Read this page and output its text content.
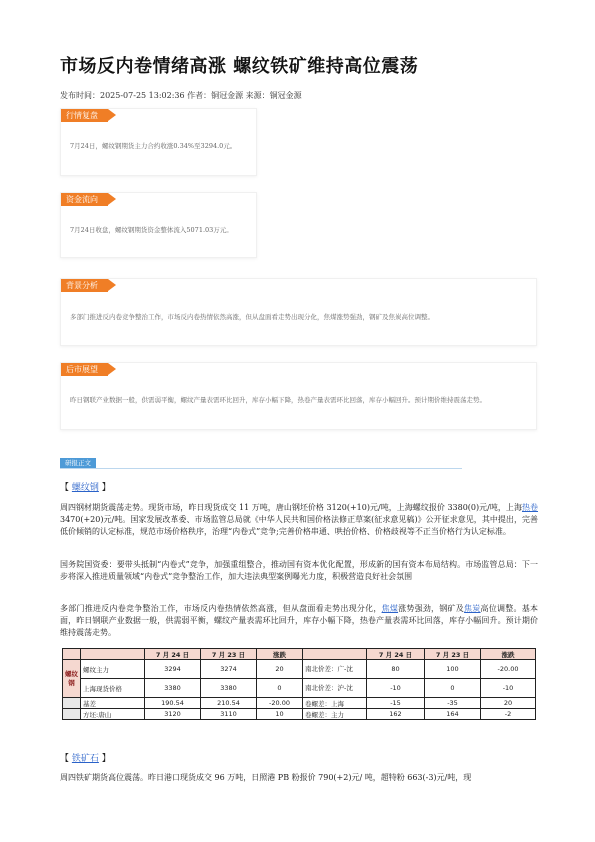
市场反内卷情绪高涨 螺纹铁矿维持高位震荡
发布时间：2025-07-25 13:02:36 作者：铜冠金源 来源：铜冠金源
行情复盘
7月24日，螺纹钢期货主力合约收涨0.34%至3294.0元。
资金流向
7月24日收盘，螺纹钢期货资金整体流入5071.03万元。
背景分析
多部门推进反内卷竞争整治工作，市场反内卷热情依然高涨，但从盘面看走势出现分化，焦煤涨势强劲，钢矿及焦炭高位调整。
后市展望
昨日钢联产业数据一般，供需弱平衡，螺纹产量表需环比回升，库存小幅下降，热卷产量表需环比回落，库存小幅回升。预计期价维持震荡走势。
研报正文
【 螺纹钢 】
周四钢材期货震荡走势。现货市场，昨日现货成交 11 万吨，唐山钢坯价格 3120(+10)元/吨，上海螺纹报价 3380(0)元/吨，上海热卷3470(+20)元/吨。国家发展改革委、市场监管总局就《中华人民共和国价格法修正草案(征求意见稿)》公开征求意见，其中提出，完善低价倾销的认定标准，规范市场价格秩序，治理“内卷式”竞争;完善价格串通、哄抬价格、价格歧视等不正当价格行为认定标准。
国务院国资委：要带头抵制“内卷式”竞争，加强重组整合，推动国有资本优化配置，形成新的国有资本布局结构。市场监管总局：下一步将深入推进质量领域“内卷式”竞争整治工作，加大违法典型案例曝光力度，积极营造良好社会氛围
多部门推进反内卷竞争整治工作，市场反内卷热情依然高涨，但从盘面看走势出现分化，焦煤涨势强劲，钢矿及焦炭高位调整。基本面，昨日钢联产业数据一般，供需弱平衡，螺纹产量表需环比回升，库存小幅下降，热卷产量表需环比回落，库存小幅回升。预计期价维持震荡走势。
		7 月 24 日	7 月 23 日	涨跌		7 月 24 日	7 月 23 日	涨跌
螺纹钢	螺纹主力	3294	3274	20	南北价差：广-沈	80	100	-20.00
	上海现货价格	3380	3380	0	南北价差：沪-沈	-10	0	-10
	基差	190.54	210.54	-20.00	卷螺差：上海	-15	-35	20
	方坯:唐山	3120	3110	10	卷螺差：主力	162	164	-2
【 铁矿石 】
周四铁矿期货高位震荡。昨日港口现货成交 96 万吨，日照港 PB 粉报价 790(+2)元/ 吨，超特粉 663(-3)元/吨，现
